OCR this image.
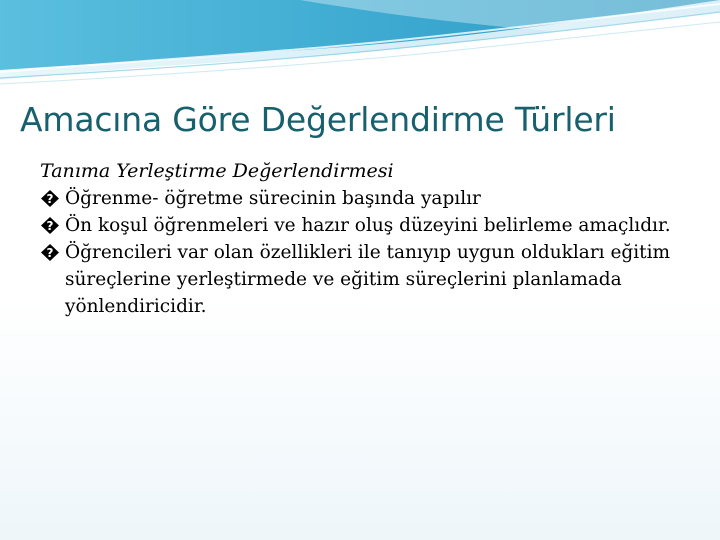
Amacına Göre Değerlendirme Türleri

Tanıma Yerleştirme Değerlendirmesi

? Öğrenme- öğretme sürecinin başında yapılır
? Ön koşul öğrenmeleri ve hazır oluş düzeyini belirleme amaçlıdır.
? Öğrencileri var olan özellikleri ile tanıyıp uygun oldukları eğitim süreçlerine yerleştirmede ve eğitim süreçlerini planlamada yönlendiricidir.
